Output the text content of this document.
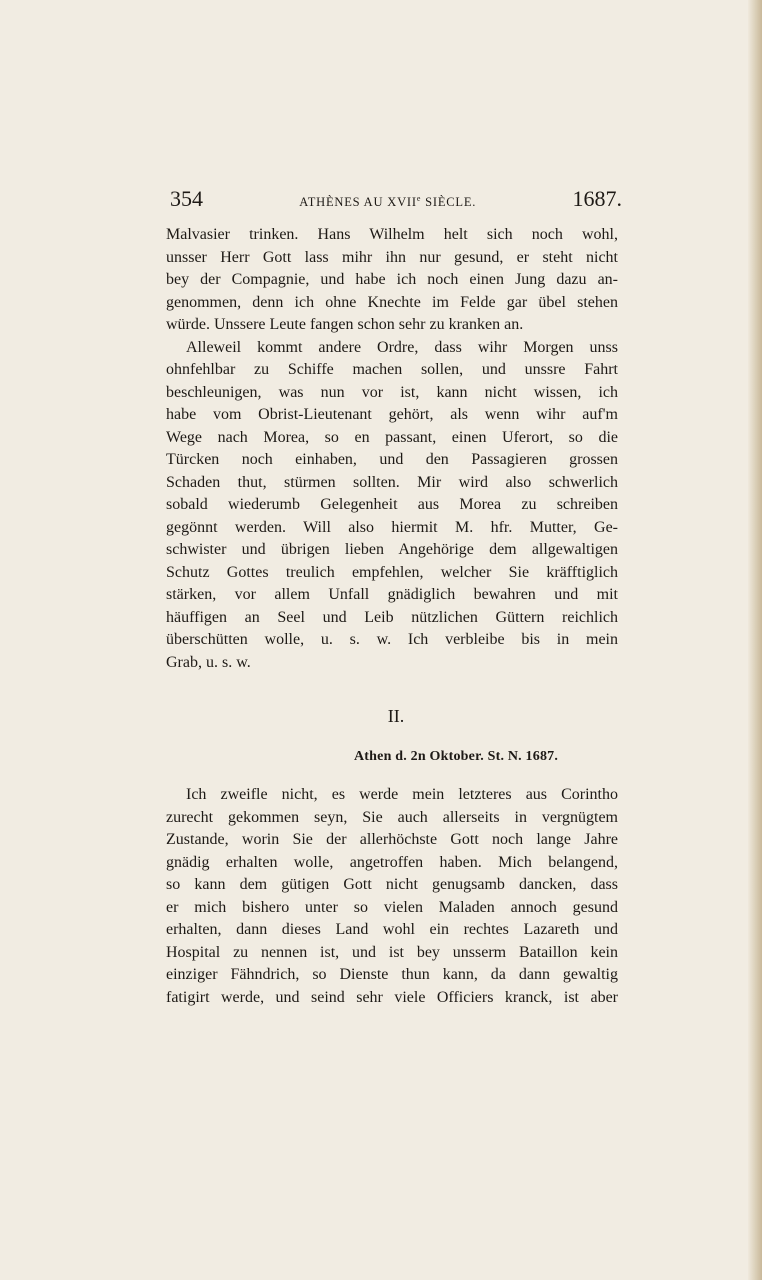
354	ATHÈNES AU XVIIe SIÈCLE.	1687.
Malvasier trinken. Hans Wilhelm helt sich noch wohl,
unsser Herr Gott lass mihr ihn nur gesund, er steht nicht
bey der Compagnie, und habe ich noch einen Jung dazu an-
genommen, denn ich ohne Knechte im Felde gar übel stehen
würde. Unssere Leute fangen schon sehr zu kranken an.
Alleweil kommt andere Ordre, dass wihr Morgen unss
ohnfehlbar zu Schiffe machen sollen, und unssre Fahrt
beschleunigen, was nun vor ist, kann nicht wissen, ich
habe vom Obrist-Lieutenant gehört, als wenn wihr auf'm
Wege nach Morea, so en passant, einen Uferort, so die
Türcken noch einhaben, und den Passagieren grossen
Schaden thut, stürmen sollten. Mir wird also schwerlich
sobald wiederumb Gelegenheit aus Morea zu schreiben
gegönnt werden. Will also hiermit M. hfr. Mutter, Ge-
schwister und übrigen lieben Angehörige dem allgewaltigen
Schutz Gottes treulich empfehlen, welcher Sie kräfftiglich
stärken, vor allem Unfall gnädiglich bewahren und mit
häuffigen an Seel und Leib nützlichen Güttern reichlich
überschütten wolle, u. s. w. Ich verbleibe bis in mein
Grab, u. s. w.
II.
Athen d. 2n Oktober. St. N. 1687.
Ich zweifle nicht, es werde mein letzteres aus Corintho
zurecht gekommen seyn, Sie auch allerseits in vergnügtem
Zustande, worin Sie der allerhöchste Gott noch lange Jahre
gnädig erhalten wolle, angetroffen haben. Mich belangend,
so kann dem gütigen Gott nicht genugsamb dancken, dass
er mich bishero unter so vielen Maladen annoch gesund
erhalten, dann dieses Land wohl ein rechtes Lazareth und
Hospital zu nennen ist, und ist bey unsserm Bataillon kein
einziger Fähndrich, so Dienste thun kann, da dann gewaltig
fatigirt werde, und seind sehr viele Officiers kranck, ist aber
